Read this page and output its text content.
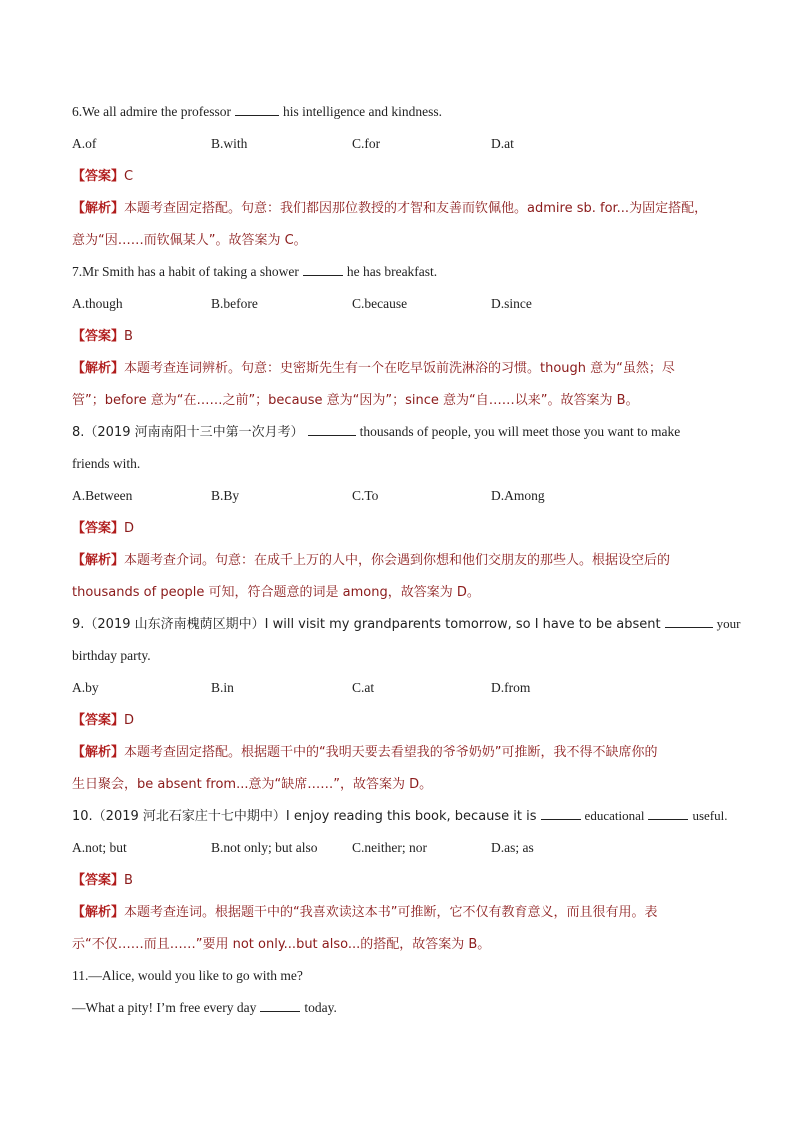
6.We all admire the professor	his intelligence and kindness.
A.of	B.with	C.for	D.at
【答案】C
【解析】本题考查固定搭配。句意：我们都因那位教授的才智和友善而钦佩他。admire sb. for...为固定搭配，
意为“因……而钦佩某人”。故答案为 C。
7.Mr Smith has a habit of taking a shower	he has breakfast.
A.though	B.before	C.because	D.since
【答案】B
【解析】本题考查连词辨析。句意：史密斯先生有一个在吃早饭前洗淋浴的习惯。though 意为“虽然；尽
管”；before 意为“在……之前”；because 意为“因为”；since 意为“自……以来”。故答案为 B。
8.（2019 河南南阳十三中第一次月考）	thousands of people, you will meet those you want to make
friends with.
A.Between	B.By	C.To	D.Among
【答案】D
【解析】本题考查介词。句意：在成千上万的人中，你会遇到你想和他们交朋友的那些人。根据设空后的
thousands of people 可知，符合题意的词是 among，故答案为 D。
9.（2019 山东济南槐荫区期中）I will visit my grandparents tomorrow, so I have to be absent	your
birthday party.
A.by	B.in	C.at	D.from
【答案】D
【解析】本题考查固定搭配。根据题干中的“我明天要去看望我的爷爷奶奶”可推断，我不得不缺席你的
生日聚会，be absent from...意为“缺席……”，故答案为 D。
10.（2019 河北石家庄十七中期中）I enjoy reading this book, because it is	educational	useful.
A.not; but	B.not only; but also	C.neither; nor	D.as; as
【答案】B
【解析】本题考查连词。根据题干中的“我喜欢读这本书”可推断，它不仅有教育意义，而且很有用。表
示“不仅……而且……”要用 not only...but also...的搭配，故答案为 B。
11.—Alice, would you like to go with me?
—What a pity! I’m free every day	today.
